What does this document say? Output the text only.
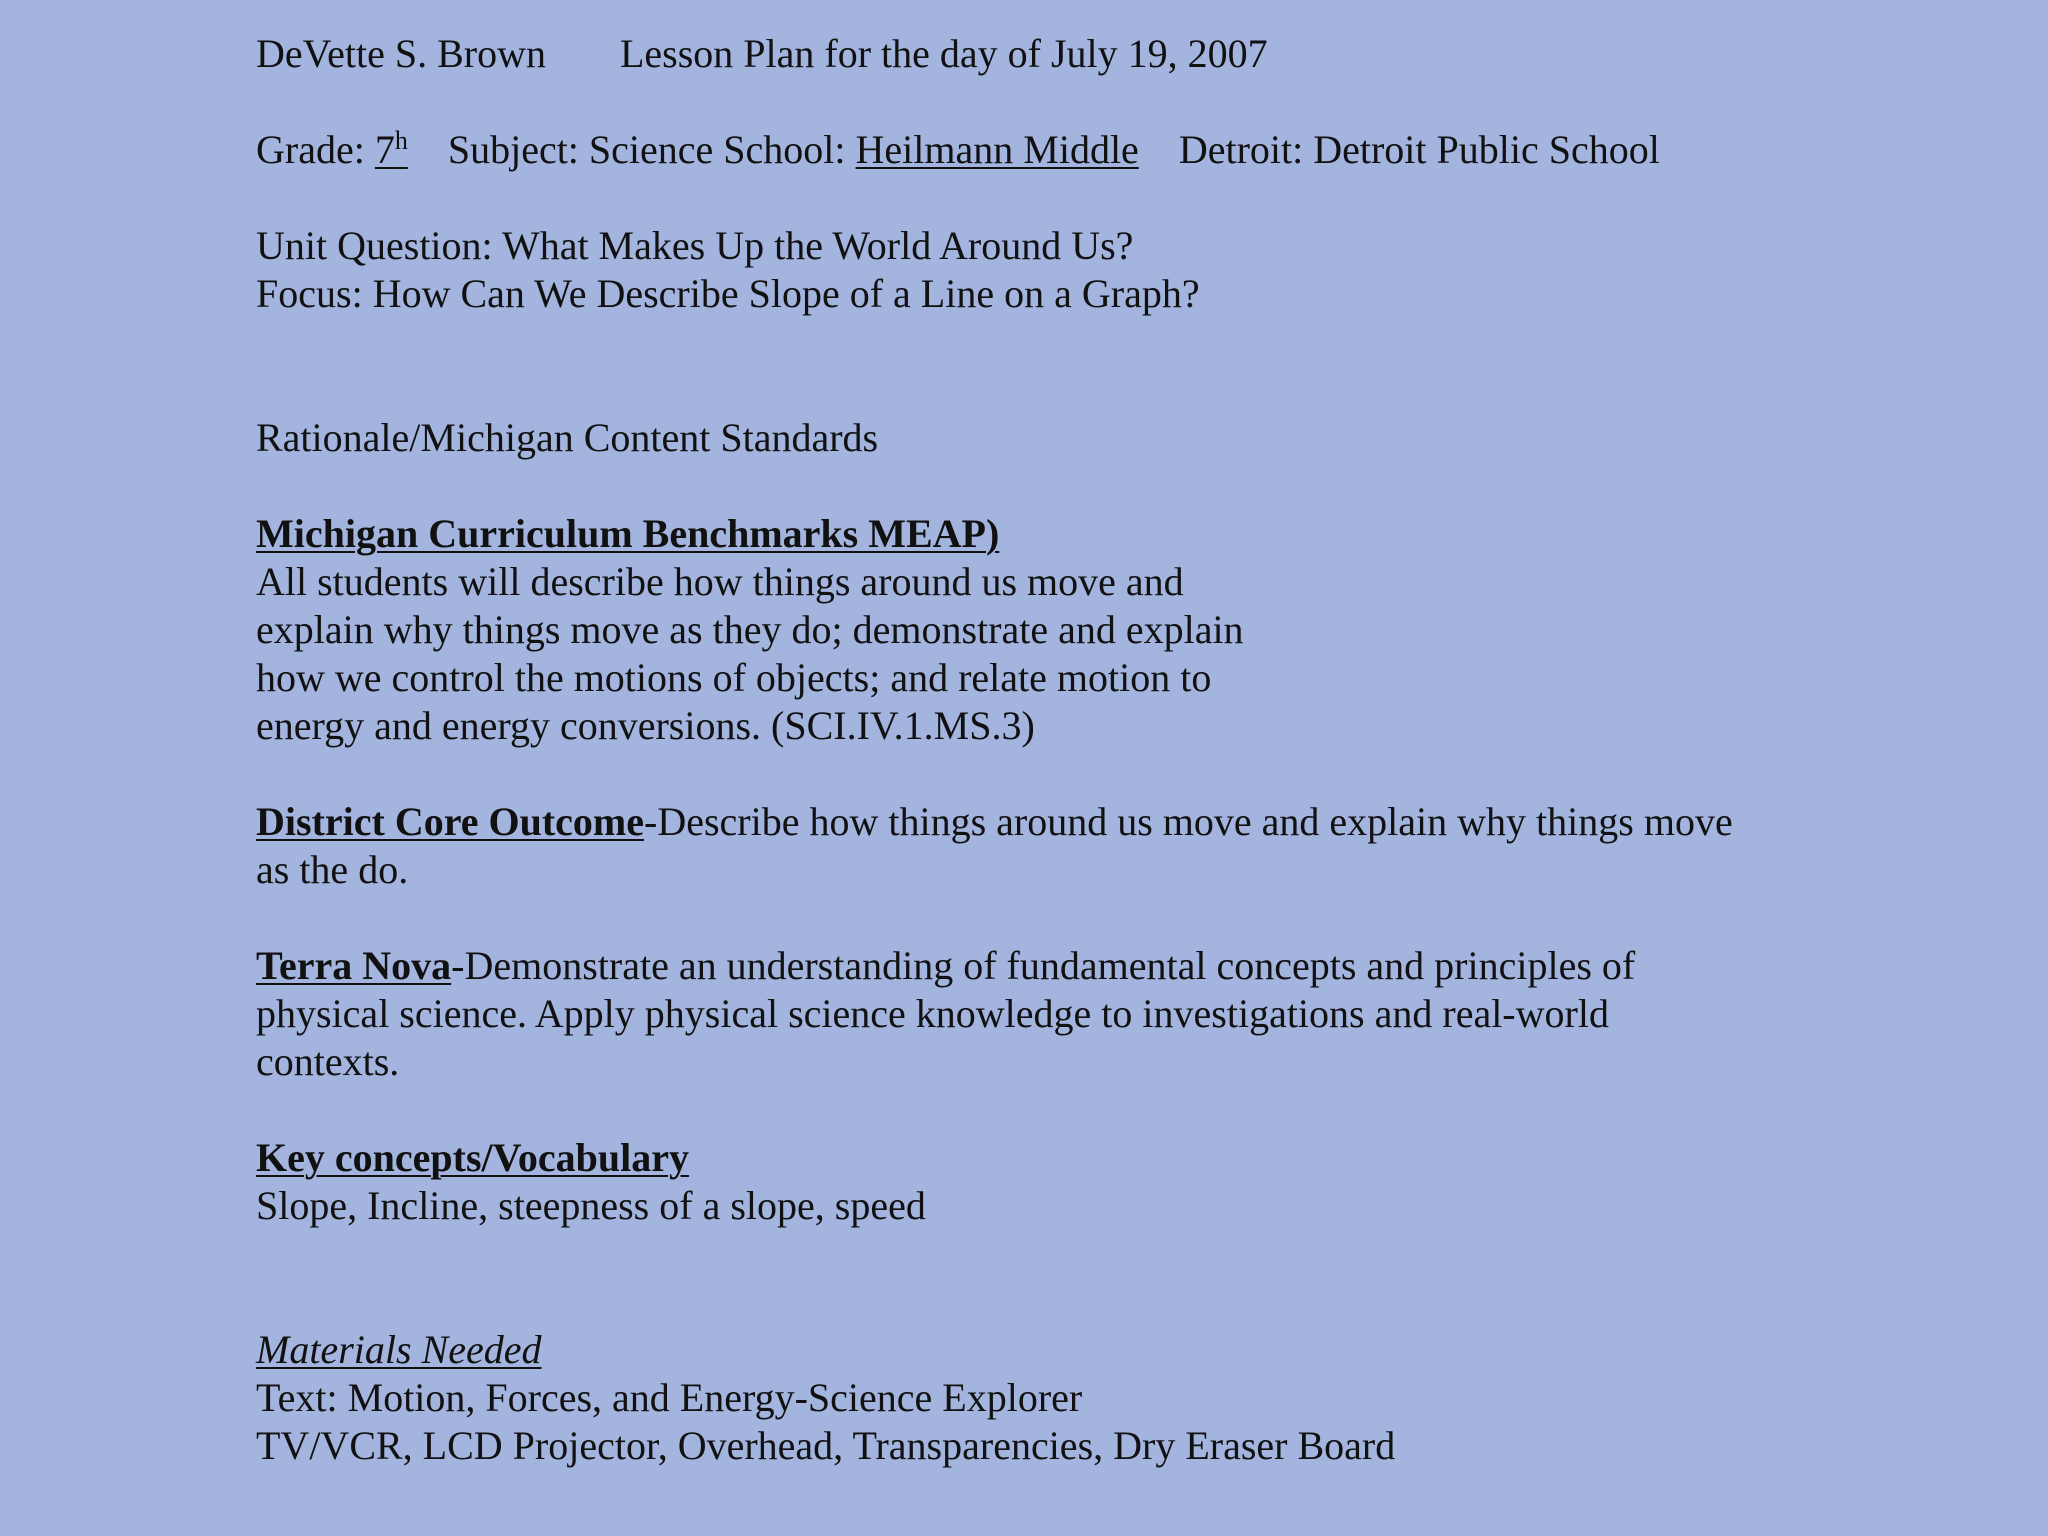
DeVette S. Brown Lesson Plan for the day of July 19, 2007

Grade: 7$^h$ Subject: Science School: Heilmann Middle Detroit: Detroit Public School

Unit Question: What Makes Up the World Around Us?

Focus: How Can We Describe Slope of a Line on a Graph?

Rationale/Michigan Content Standards

Michigan Curriculum Benchmarks MEAP)

All students will describe how things around us move and

explain why things move as they do; demonstrate and explain

how we control the motions of objects; and relate motion to

energy and energy conversions. (SCI.IV.1.MS.3)

District Core Outcome-Describe how things around us move and explain why things move as the do.

Terra Nova-Demonstrate an understanding of fundamental concepts and principles of physical science. Apply physical science knowledge to investigations and real-world contexts.

Key concepts/Vocabulary

Slope, Incline, steepness of a slope, speed

Materials Needed

Text: Motion, Forces, and Energy-Science Explorer

TV/VCR, LCD Projector, Overhead, Transparencies, Dry Eraser Board
